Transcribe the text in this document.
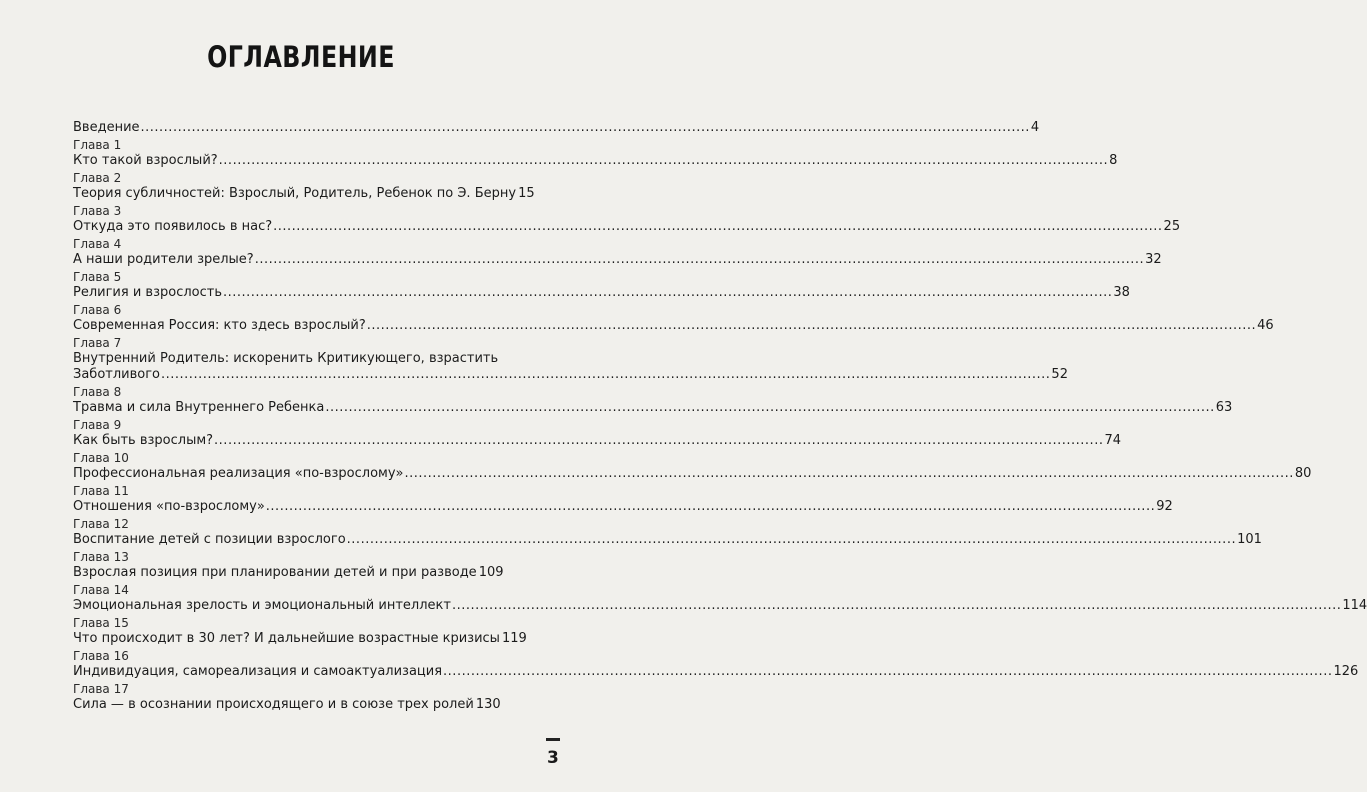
ОГЛАВЛЕНИЕ
Введение .....	4
Глава 1
Кто такой взрослый? .....	8
Глава 2
Теория субличностей: Взрослый, Родитель, Ребенок по Э. Берну 15
Глава 3
Откуда это появилось в нас? .....	25
Глава 4
А наши родители зрелые? .....	32
Глава 5
Религия и взрослость .....	38
Глава 6
Современная Россия: кто здесь взрослый? .....	46
Глава 7
Внутренний Родитель: искоренить Критикующего, взрастить
Заботливого .....	52
Глава 8
Травма и сила Внутреннего Ребенка .....	63
Глава 9
Как быть взрослым? .....	74
Глава 10
Профессиональная реализация «по-взрослому» .....	80
Глава 11
Отношения «по-взрослому» .....	92
Глава 12
Воспитание детей с позиции взрослого .....	101
Глава 13
Взрослая позиция при планировании детей и при разводе 109
Глава 14
Эмоциональная зрелость и эмоциональный интеллект .....	114
Глава 15
Что происходит в 30 лет? И дальнейшие возрастные кризисы 119
Глава 16
Индивидуация, самореализация и самоактуализация .....	126
Глава 17
Сила — в осознании происходящего и в союзе трех ролей 130
3
